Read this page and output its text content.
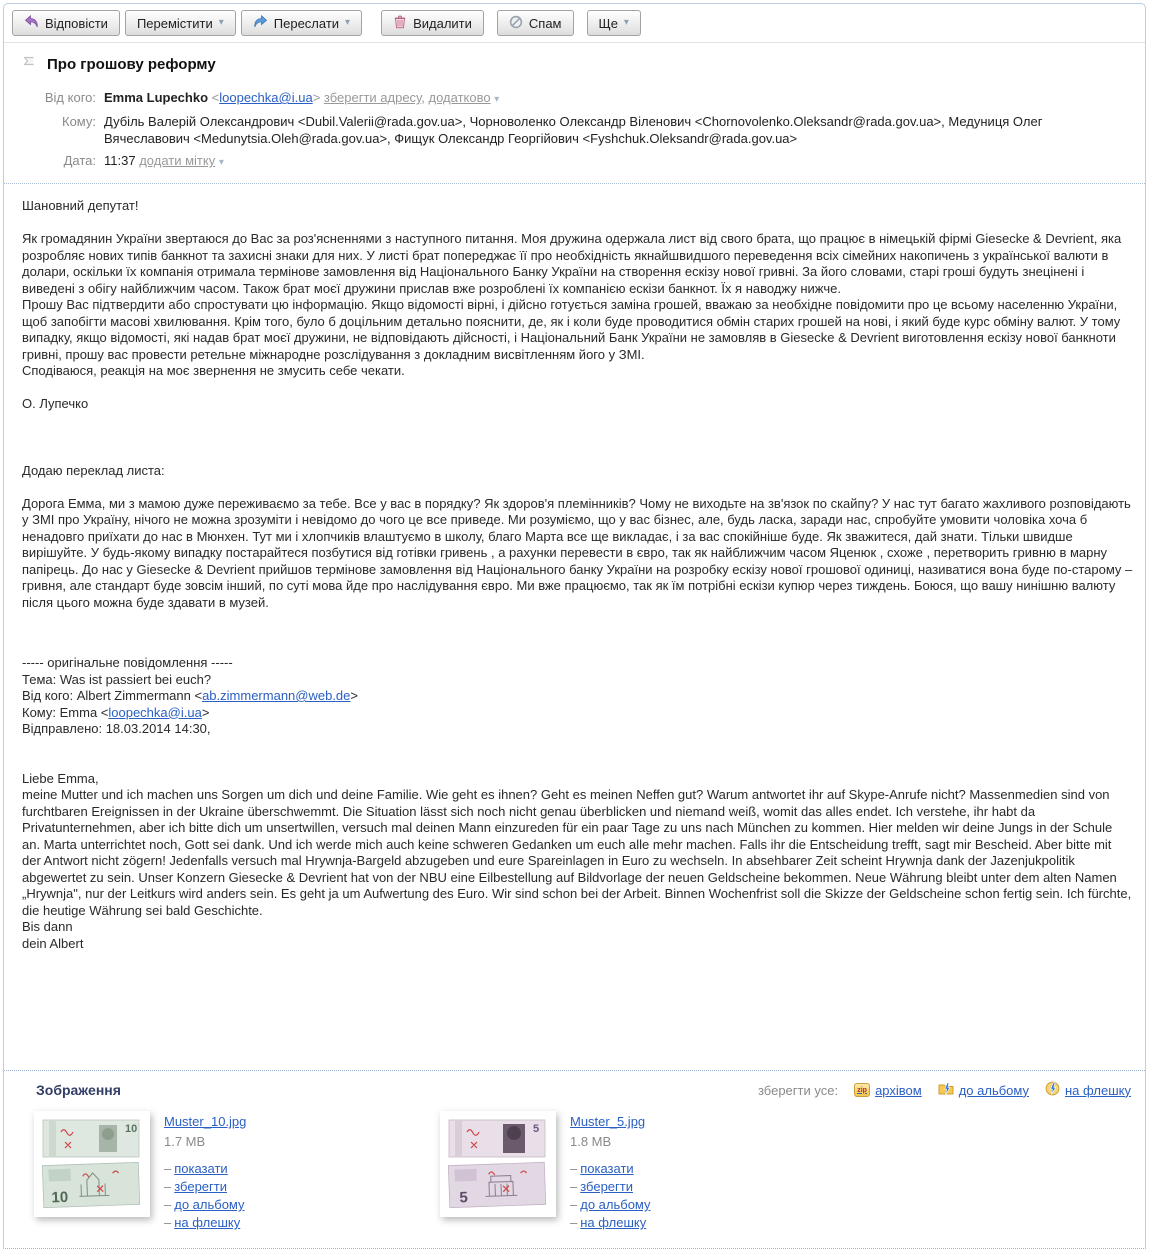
Відповісти Перемістити ▾	Переслати ▾	Видалити	Спам	Ще ▾
Про грошову реформу
Від кого: Emma Lupechko <loopechka@i.ua> зберегти адресу, додатково ▾
Кому: Дубіль Валерій Олександрович <Dubil.Valerii@rada.gov.ua>, Чорноволенко Олександр Віленович <Chornovolenko.Oleksandr@rada.gov.ua>, Медуниця Олег Вячеславович <Medunytsia.Oleh@rada.gov.ua>, Фищук Олександр Георгійович <Fyshchuk.Oleksandr@rada.gov.ua>
Дата: 11:37 додати мітку ▾
Шановний депутат!
Як громадянин України звертаюся до Вас за роз'ясненнями з наступного питання. Моя дружина одержала лист від свого брата, що працює в німецькій фірмі Giesecke & Devrient, яка розробляє нових типів банкнот та захисні знаки для них. У листі брат попереджає її про необхідність якнайшвидшого переведення всіх сімейних накопичень з української валюти в долари, оскільки їх компанія отримала термінове замовлення від Національного Банку України на створення ескізу нової гривні. За його словами, старі гроші будуть знецінені і виведені з обігу найближчим часом. Також брат моєї дружини прислав вже розроблені їх компанією ескізи банкнот. Їх я наводжу нижче.
Прошу Вас підтвердити або спростувати цю інформацію. Якщо відомості вірні, і дійсно готується заміна грошей, вважаю за необхідне повідомити про це всьому населенню України, щоб запобігти масові хвилювання. Крім того, було б доцільним детально пояснити, де, як і коли буде проводитися обмін старих грошей на нові, і який буде курс обміну валют. У тому випадку, якщо відомості, які надав брат моєї дружини, не відповідають дійсності, і Національний Банк України не замовляв в Giesecke & Devrient виготовлення ескізу нової банкноти гривні, прошу вас провести ретельне міжнародне розслідування з докладним висвітленням його у ЗМІ.
Сподіваюся, реакція на моє звернення не змусить себе чекати.
О. Лупечко
Додаю переклад листа:
Дорога Емма, ми з мамою дуже переживаємо за тебе. Все у вас в порядку? Як здоров'я племінників? Чому не виходьте на зв'язок по скайпу? У нас тут багато жахливого розповідають у ЗМІ про Україну, нічого не можна зрозуміти і невідомо до чого це все приведе. Ми розуміємо, що у вас бізнес, але, будь ласка, заради нас, спробуйте умовити чоловіка хоча б ненадовго приїхати до нас в Мюнхен. Тут ми і хлопчиків влаштуємо в школу, благо Марта все ще викладає, і за вас спокійніше буде. Як зважитеся, дай знати. Тільки швидше вирішуйте. У будь-якому випадку постарайтеся позбутися від готівки гривень , а рахунки перевести в євро, так як найближчим часом Яценюк , схоже , перетворить гривню в марну папірець. До нас у Giesecke & Devrient прийшов термінове замовлення від Національного банку України на розробку ескізу нової грошової одиниці, називатися вона буде по-старому – гривня, але стандарт буде зовсім інший, по суті мова йде про наслідування євро. Ми вже працюємо, так як їм потрібні ескізи купюр через тиждень. Боюся, що вашу нинішню валюту після цього можна буде здавати в музей.
----- оригінальне повідомлення -----
Тема: Was ist passiert bei euch?
Від кого: Albert Zimmermann <ab.zimmermann@web.de>
Кому: Emma <loopechka@i.ua>
Відправлено: 18.03.2014 14:30,
Liebe Emma,
meine Mutter und ich machen uns Sorgen um dich und deine Familie. Wie geht es ihnen? Geht es meinen Neffen gut? Warum antwortet ihr auf Skype-Anrufe nicht? Massenmedien sind von furchtbaren Ereignissen in der Ukraine überschwemmt. Die Situation lässt sich noch nicht genau überblicken und niemand weiß, womit das alles endet. Ich verstehe, ihr habt da Privatunternehmen, aber ich bitte dich um unsertwillen, versuch mal deinen Mann einzureden für ein paar Tage zu uns nach München zu kommen. Hier melden wir deine Jungs in der Schule an. Marta unterrichtet noch, Gott sei dank. Und ich werde mich auch keine schweren Gedanken um euch alle mehr machen. Falls ihr die Entscheidung trefft, sagt mir Bescheid. Aber bitte mit der Antwort nicht zögern! Jedenfalls versuch mal Hrywnja-Bargeld abzugeben und eure Spareinlagen in Euro zu wechseln. In absehbarer Zeit scheint Hrywnja dank der Jazenjukpolitik abgewertet zu sein. Unser Konzern Giesecke & Devrient hat von der NBU eine Eilbestellung auf Bildvorlage der neuen Geldscheine bekommen. Neue Währung bleibt unter dem alten Namen „Hrywnja", nur der Leitkurs wird anders sein. Es geht ja um Aufwertung des Euro. Wir sind schon bei der Arbeit. Binnen Wochenfrist soll die Skizze der Geldscheine schon fertig sein. Ich fürchte, die heutige Währung sei bald Geschichte.
Bis dann
dein Albert
Зображення	зберегти усе:	zip архівом	до альбому	на флешку
10
10
Muster_10.jpg
1.7 MB
– показати
– зберегти
– до альбому
– на флешку
5
5
Muster_5.jpg
1.8 MB
– показати
– зберегти
– до альбому
– на флешку
